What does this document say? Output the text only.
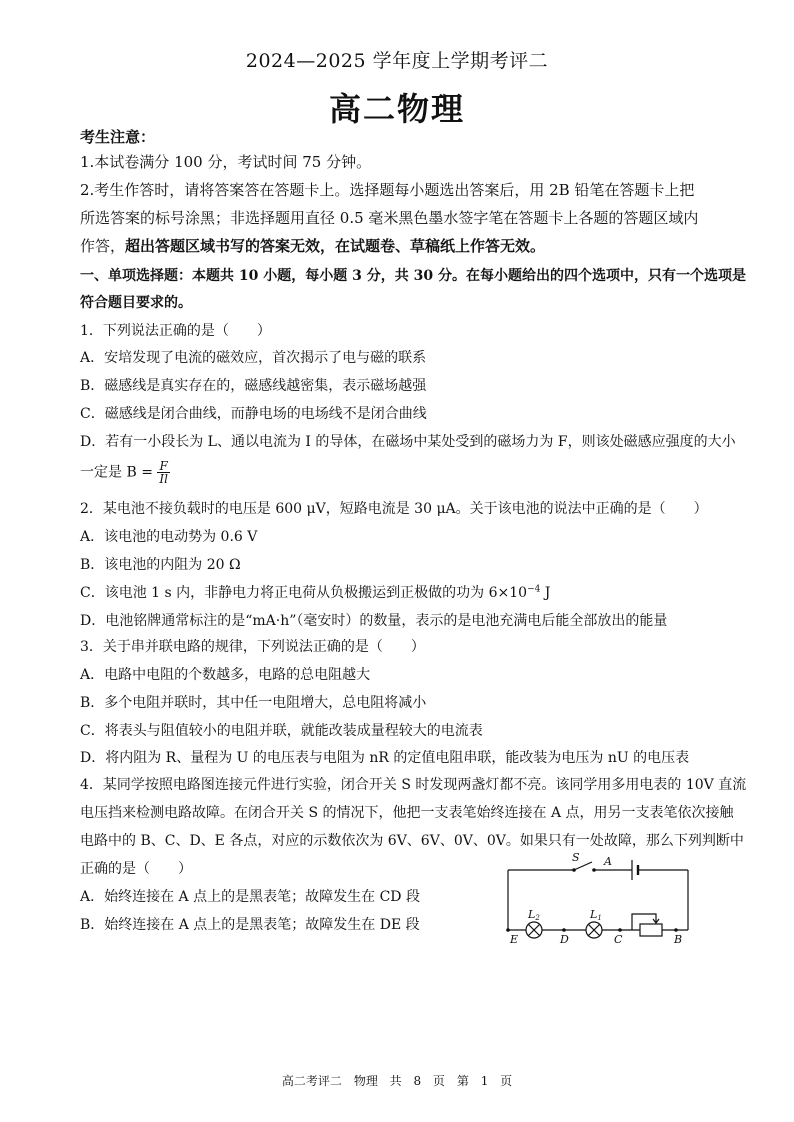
2024—2025 学年度上学期考评二
高二物理
考生注意：
1.本试卷满分 100 分，考试时间 75 分钟。
2.考生作答时，请将答案答在答题卡上。选择题每小题选出答案后，用 2B 铅笔在答题卡上把
所选答案的标号涂黑；非选择题用直径 0.5 毫米黑色墨水签字笔在答题卡上各题的答题区域内
作答，超出答题区域书写的答案无效，在试题卷、草稿纸上作答无效。
一、单项选择题：本题共 10 小题，每小题 3 分，共 30 分。在每小题给出的四个选项中，只有一个选项是
符合题目要求的。
1．下列说法正确的是（　　）
A．安培发现了电流的磁效应，首次揭示了电与磁的联系
B．磁感线是真实存在的，磁感线越密集，表示磁场越强
C．磁感线是闭合曲线，而静电场的电场线不是闭合曲线
D．若有一小段长为 L、通以电流为 I 的导体，在磁场中某处受到的磁场力为 F，则该处磁感应强度的大小
一定是 $B = \frac{F}{Il}$
2．某电池不接负载时的电压是 600 μV，短路电流是 30 μA。关于该电池的说法中正确的是（　　）
A．该电池的电动势为 0.6 V
B．该电池的内阻为 20 Ω
C．该电池 1 s 内，非静电力将正电荷从负极搬运到正极做的功为 $6\times 10^{-4}$ J
D．电池铭牌通常标注的是“mA·h”（毫安时）的数量，表示的是电池充满电后能全部放出的能量
3．关于串并联电路的规律，下列说法正确的是（　　）
A．电路中电阻的个数越多，电路的总电阻越大
B．多个电阻并联时，其中任一电阻增大，总电阻将减小
C．将表头与阻值较小的电阻并联，就能改装成量程较大的电流表
D．将内阻为 R、量程为 U 的电压表与电阻为 nR 的定值电阻串联，能改装为电压为 nU 的电压表
4．某同学按照电路图连接元件进行实验，闭合开关 S 时发现两盏灯都不亮。该同学用多用电表的 10V 直流
电压挡来检测电路故障。在闭合开关 S 的情况下，他把一支表笔始终连接在 A 点，用另一支表笔依次接触
电路中的 B、C、D、E 各点，对应的示数依次为 6V、6V、0V、0V。如果只有一处故障，那么下列判断中
正确的是（　　）
A．始终连接在 A 点上的是黑表笔；故障发生在 CD 段
B．始终连接在 A 点上的是黑表笔；故障发生在 DE 段
S A
L2	L1
E	D	C	B
高二考评二　物理 共 8 页　第 1 页
